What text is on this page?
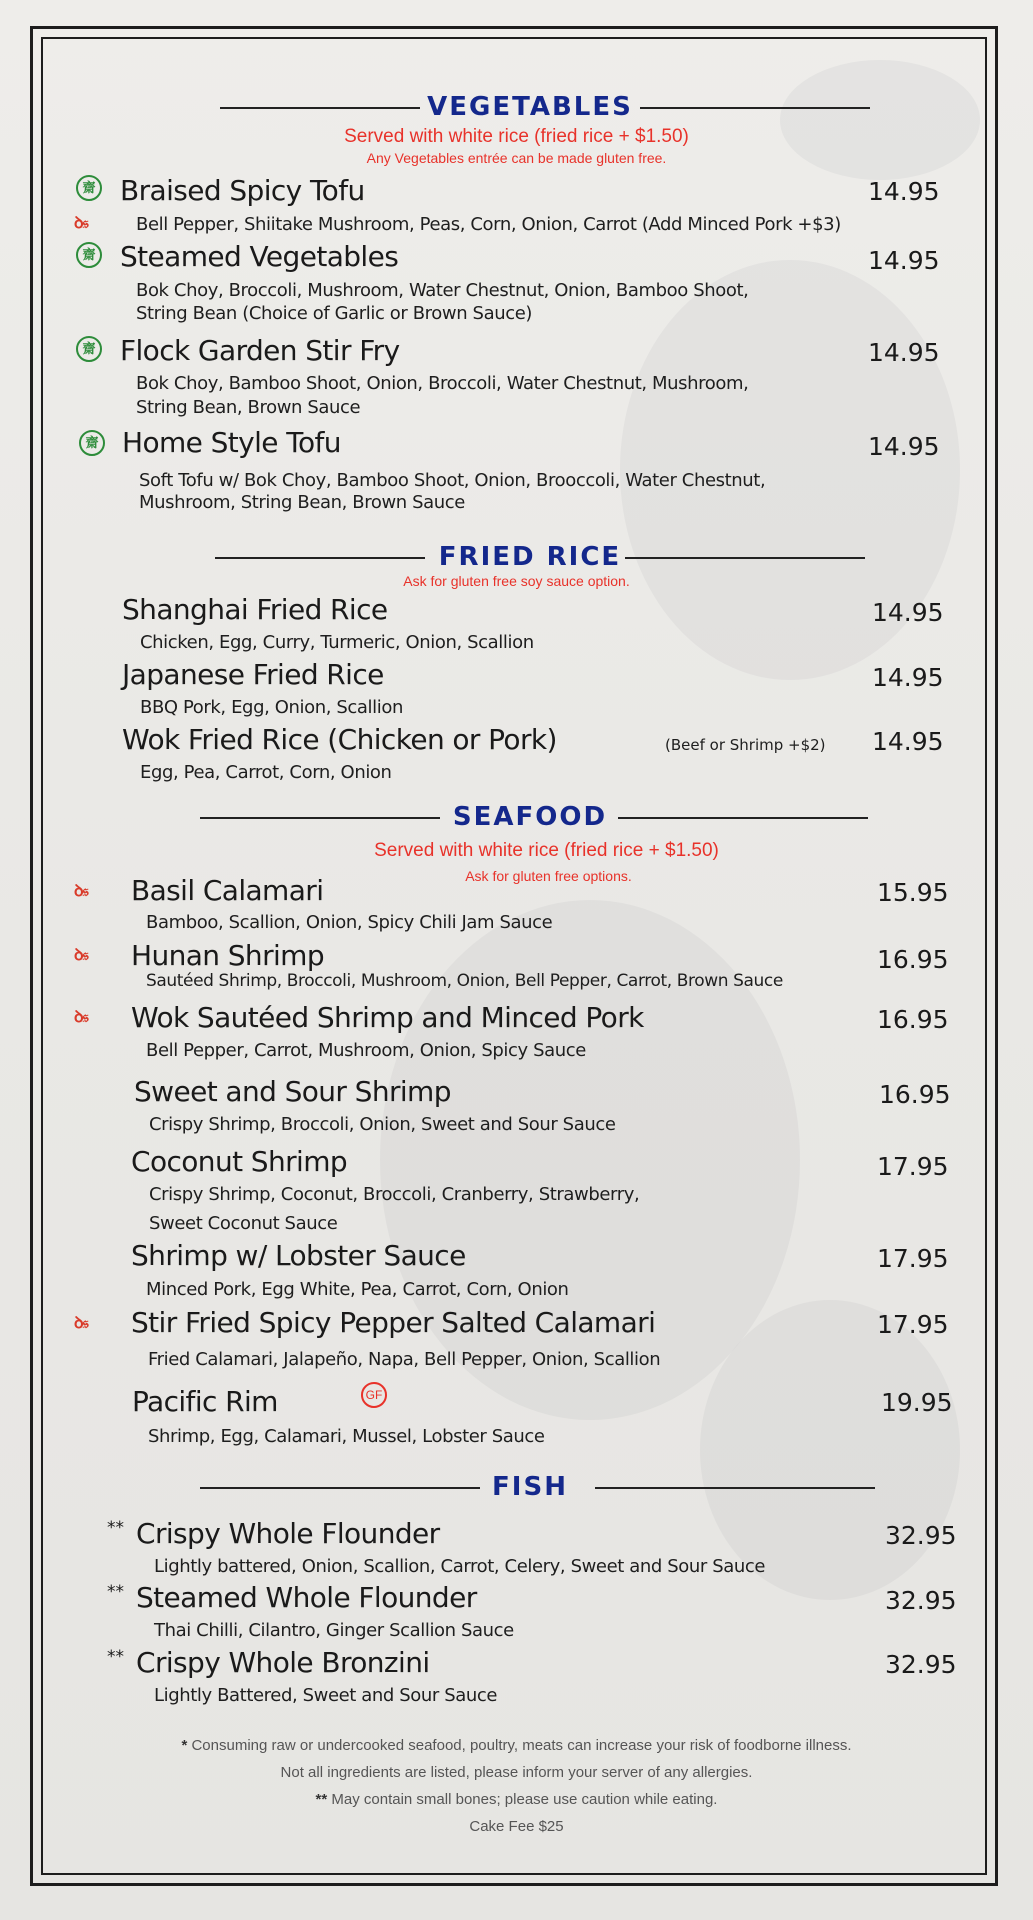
VEGETABLES
Served with white rice (fried rice + $1.50)
Any Vegetables entrée can be made gluten free.
齋
ꝺ𝔰
Braised Spicy Tofu	14.95
Bell Pepper, Shiitake Mushroom, Peas, Corn, Onion, Carrot (Add Minced Pork +$3)
齋 Steamed Vegetables	14.95
Bok Choy, Broccoli, Mushroom, Water Chestnut, Onion, Bamboo Shoot,
String Bean (Choice of Garlic or Brown Sauce)
齋 Flock Garden Stir Fry	14.95
Bok Choy, Bamboo Shoot, Onion, Broccoli, Water Chestnut, Mushroom,
String Bean, Brown Sauce
齋 Home Style Tofu	14.95
Soft Tofu w/ Bok Choy, Bamboo Shoot, Onion, Brooccoli, Water Chestnut,
Mushroom, String Bean, Brown Sauce
FRIED RICE
Ask for gluten free soy sauce option.
Shanghai Fried Rice	14.95
Chicken, Egg, Curry, Turmeric, Onion, Scallion
Japanese Fried Rice	14.95
BBQ Pork, Egg, Onion, Scallion
Wok Fried Rice (Chicken or Pork)	(Beef or Shrimp +$2) 14.95
Egg, Pea, Carrot, Corn, Onion
SEAFOOD
Served with white rice (fried rice + $1.50)
Ask for gluten free options.
ꝺ𝔰 Basil Calamari	15.95
Bamboo, Scallion, Onion, Spicy Chili Jam Sauce
ꝺ𝔰 Hunan Shrimp	16.95
Sautéed Shrimp, Broccoli, Mushroom, Onion, Bell Pepper, Carrot, Brown Sauce
ꝺ𝔰 Wok Sautéed Shrimp and Minced Pork	16.95
Bell Pepper, Carrot, Mushroom, Onion, Spicy Sauce
Sweet and Sour Shrimp	16.95
Crispy Shrimp, Broccoli, Onion, Sweet and Sour Sauce
Coconut Shrimp	17.95
Crispy Shrimp, Coconut, Broccoli, Cranberry, Strawberry,
Sweet Coconut Sauce
Shrimp w/ Lobster Sauce	17.95
Minced Pork, Egg White, Pea, Carrot, Corn, Onion
ꝺ𝔰 Stir Fried Spicy Pepper Salted Calamari	17.95
Fried Calamari, Jalapeño, Napa, Bell Pepper, Onion, Scallion
Pacific Rim	GF	19.95
Shrimp, Egg, Calamari, Mussel, Lobster Sauce
FISH
** Crispy Whole Flounder	32.95
Lightly battered, Onion, Scallion, Carrot, Celery, Sweet and Sour Sauce
** Steamed Whole Flounder	32.95
Thai Chilli, Cilantro, Ginger Scallion Sauce
** Crispy Whole Bronzini	32.95
Lightly Battered, Sweet and Sour Sauce
* Consuming raw or undercooked seafood, poultry, meats can increase your risk of foodborne illness.
Not all ingredients are listed, please inform your server of any allergies.
** May contain small bones; please use caution while eating.
Cake Fee $25
